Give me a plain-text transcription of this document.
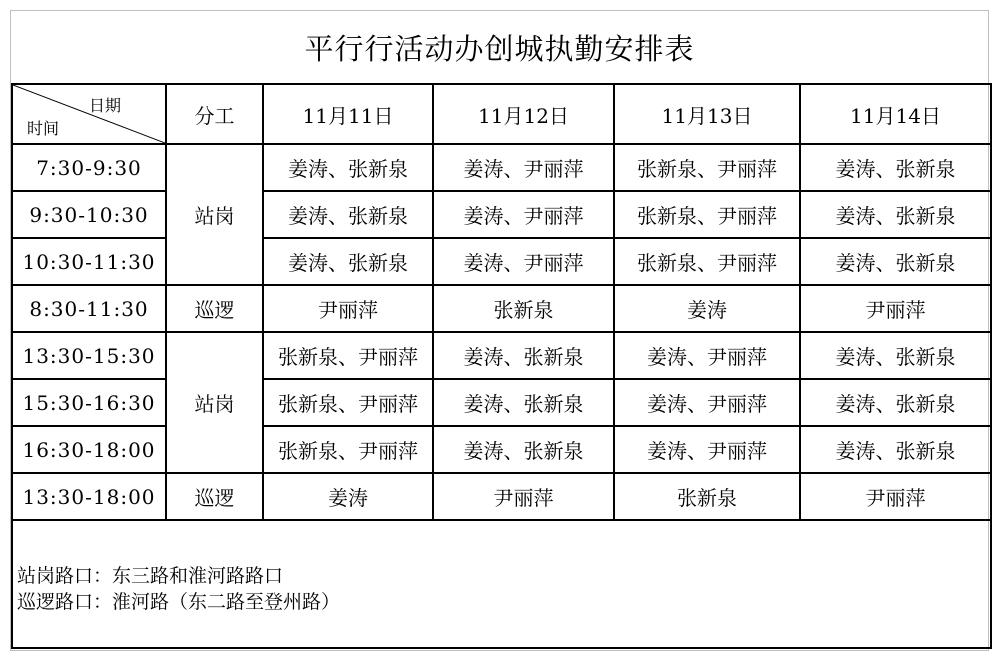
平行行活动办创城执勤安排表
日期
时间	分工	11月11日	11月12日	11月13日	11月14日
7:30-9:30	站岗	姜涛、张新泉	姜涛、尹丽萍	张新泉、尹丽萍	姜涛、张新泉
9:30-10:30		姜涛、张新泉	姜涛、尹丽萍	张新泉、尹丽萍	姜涛、张新泉
10:30-11:30		姜涛、张新泉	姜涛、尹丽萍	张新泉、尹丽萍	姜涛、张新泉
8:30-11:30	巡逻	尹丽萍	张新泉	姜涛	尹丽萍
13:30-15:30	站岗	张新泉、尹丽萍	姜涛、张新泉	姜涛、尹丽萍	姜涛、张新泉
15:30-16:30		张新泉、尹丽萍	姜涛、张新泉	姜涛、尹丽萍	姜涛、张新泉
16:30-18:00		张新泉、尹丽萍	姜涛、张新泉	姜涛、尹丽萍	姜涛、张新泉
13:30-18:00	巡逻	姜涛	尹丽萍	张新泉	尹丽萍

站岗路口：东三路和淮河路路口
巡逻路口：淮河路（东二路至登州路）					
